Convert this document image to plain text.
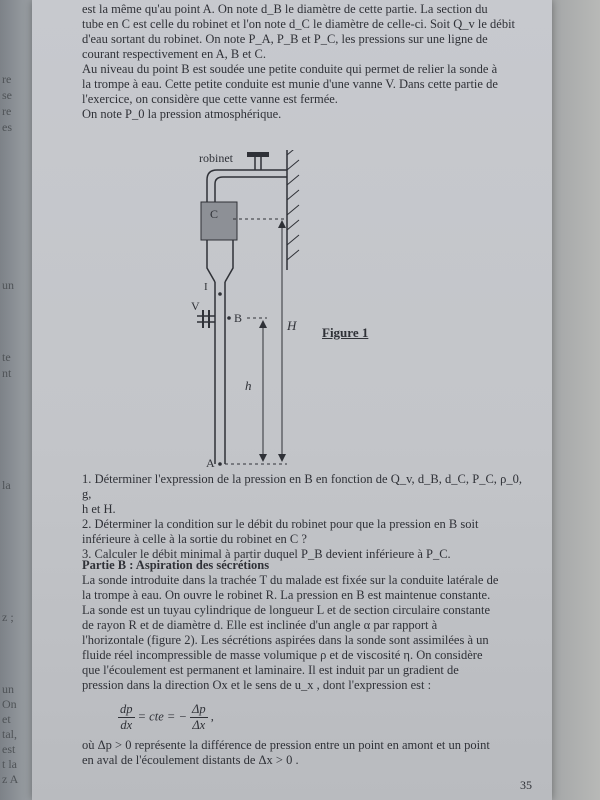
re
se
re
es
un
te
nt
la
z ;
un
On
et
tal,
est
t la
z A
est la même qu'au point A. On note d_B le diamètre de cette partie. La section du
tube en C est celle du robinet et l'on note d_C le diamètre de celle-ci. Soit Q_v le débit
d'eau sortant du robinet. On note P_A, P_B et P_C, les pressions sur une ligne de
courant respectivement en A, B et C.
Au niveau du point B est soudée une petite conduite qui permet de relier la sonde à
la trompe à eau. Cette petite conduite est munie d'une vanne V. Dans cette partie de
l'exercice, on considère que cette vanne est fermée.
On note P_0 la pression atmosphérique.
robinet
C
I
V
B
A
H
h
Figure 1
1. Déterminer l'expression de la pression en B en fonction de Q_v, d_B, d_C, P_C, ρ_0, g,
h et H.
2. Déterminer la condition sur le débit du robinet pour que la pression en B soit
inférieure à celle à la sortie du robinet en C ?
3. Calculer le débit minimal à partir duquel P_B devient inférieure à P_C.
Partie B : Aspiration des sécrétions
La sonde introduite dans la trachée T du malade est fixée sur la conduite latérale de
la trompe à eau. On ouvre le robinet R. La pression en B est maintenue constante.
La sonde est un tuyau cylindrique de longueur L et de section circulaire constante
de rayon R et de diamètre d. Elle est inclinée d'un angle α par rapport à
l'horizontale (figure 2). Les sécrétions aspirées dans la sonde sont assimilées à un
fluide réel incompressible de masse volumique ρ et de viscosité η. On considère
que l'écoulement est permanent et laminaire. Il est induit par un gradient de
pression dans la direction Ox et le sens de u_x , dont l'expression est :
$\frac{dp}{dx}$ = cte = − $\frac{\Delta p}{\Delta x}$ ,
où Δp > 0 représente la différence de pression entre un point en amont et un point
en aval de l'écoulement distants de Δx > 0 .
35
